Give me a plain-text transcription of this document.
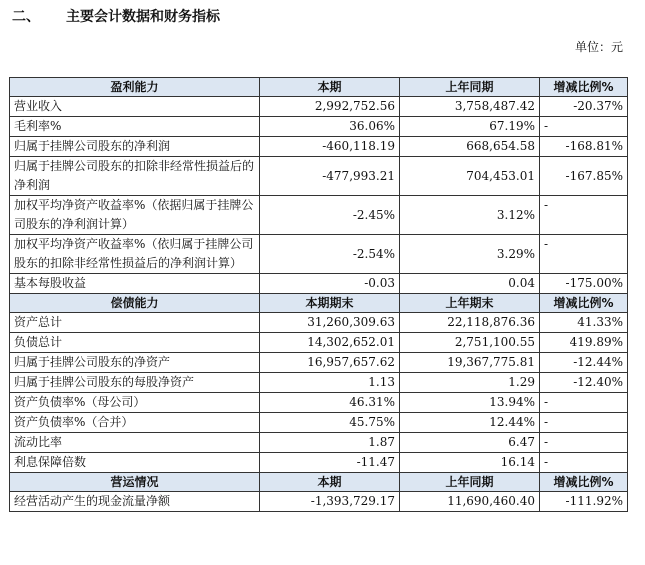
二、 主要会计数据和财务指标
单位：元
盈利能力	本期	上年同期	增减比例%
营业收入	2,992,752.56	3,758,487.42	-20.37%
毛利率%	36.06%	67.19%	-
归属于挂牌公司股东的净利润	-460,118.19	668,654.58	-168.81%
归属于挂牌公司股东的扣除非经常性损益后的净利润	-477,993.21	704,453.01	-167.85%
加权平均净资产收益率%（依据归属于挂牌公司股东的净利润计算）	-2.45%	3.12%	-
加权平均净资产收益率%（依归属于挂牌公司股东的扣除非经常性损益后的净利润计算）	-2.54%	3.29%	-
基本每股收益	-0.03	0.04	-175.00%
偿债能力	本期期末	上年期末	增减比例%
资产总计	31,260,309.63	22,118,876.36	41.33%
负债总计	14,302,652.01	2,751,100.55	419.89%
归属于挂牌公司股东的净资产	16,957,657.62	19,367,775.81	-12.44%
归属于挂牌公司股东的每股净资产	1.13	1.29	-12.40%
资产负债率%（母公司）	46.31%	13.94%	-
资产负债率%（合并）	45.75%	12.44%	-
流动比率	1.87	6.47	-
利息保障倍数	-11.47	16.14	-
营运情况	本期	上年同期	增减比例%
经营活动产生的现金流量净额	-1,393,729.17	11,690,460.40	-111.92%
